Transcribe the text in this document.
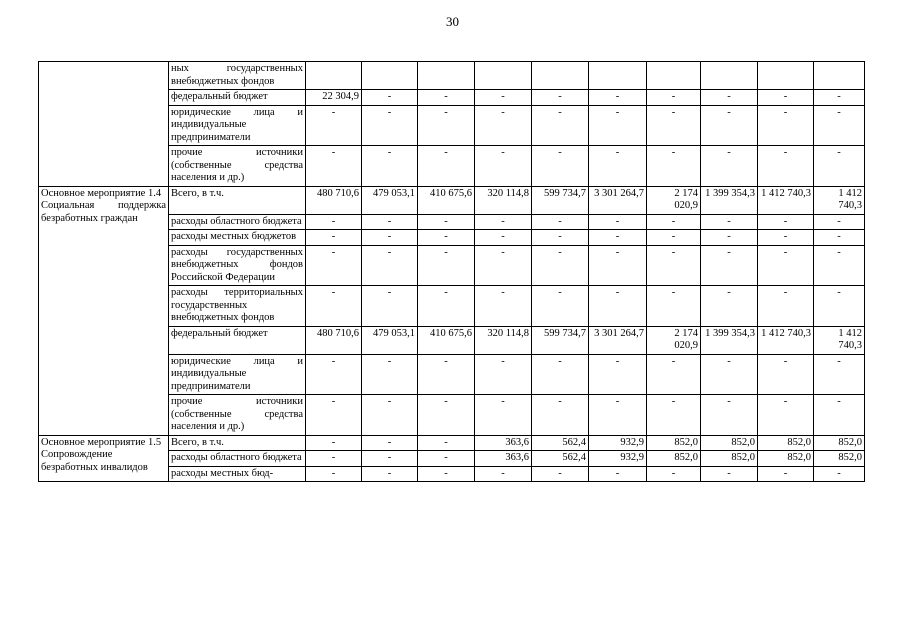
30
	ных государственных внебюджетных фондов										
	федеральный бюджет	22 304,9	-	-	-	-	-	-	-	-	-
	юридические лица и индивидуальные предприниматели	-	-	-	-	-	-	-	-	-	-
	прочие источники (собственные средства населения и др.)	-	-	-	-	-	-	-	-	-	-

Основное мероприятие 1.4
Социальная поддержка безработных граждан	Всего, в т.ч.	480 710,6	479 053,1	410 675,6	320 114,8	599 734,7	3 301 264,7	2 174 020,9	1 399 354,3	1 412 740,3	1 412 740,3
	расходы областного бюджета	-	-	-	-	-	-	-	-	-	-
	расходы местных бюджетов	-	-	-	-	-	-	-	-	-	-
	расходы государственных внебюджетных фондов Российской Федерации	-	-	-	-	-	-	-	-	-	-
	расходы территориальных государственных внебюджетных фондов	-	-	-	-	-	-	-	-	-	-
	федеральный бюджет	480 710,6	479 053,1	410 675,6	320 114,8	599 734,7	3 301 264,7	2 174 020,9	1 399 354,3	1 412 740,3	1 412 740,3
	юридические лица и индивидуальные предприниматели	-	-	-	-	-	-	-	-	-	-
	прочие источники (собственные средства населения и др.)	-	-	-	-	-	-	-	-	-	-

Основное мероприятие 1.5
Сопровождение безработных инвалидов	Всего, в т.ч.	-	-	-	363,6	562,4	932,9	852,0	852,0	852,0	852,0
	расходы областного бюджета	-	-	-	363,6	562,4	932,9	852,0	852,0	852,0	852,0
	расходы местных бюд-	-	-	-	-	-	-	-	-	-	-
